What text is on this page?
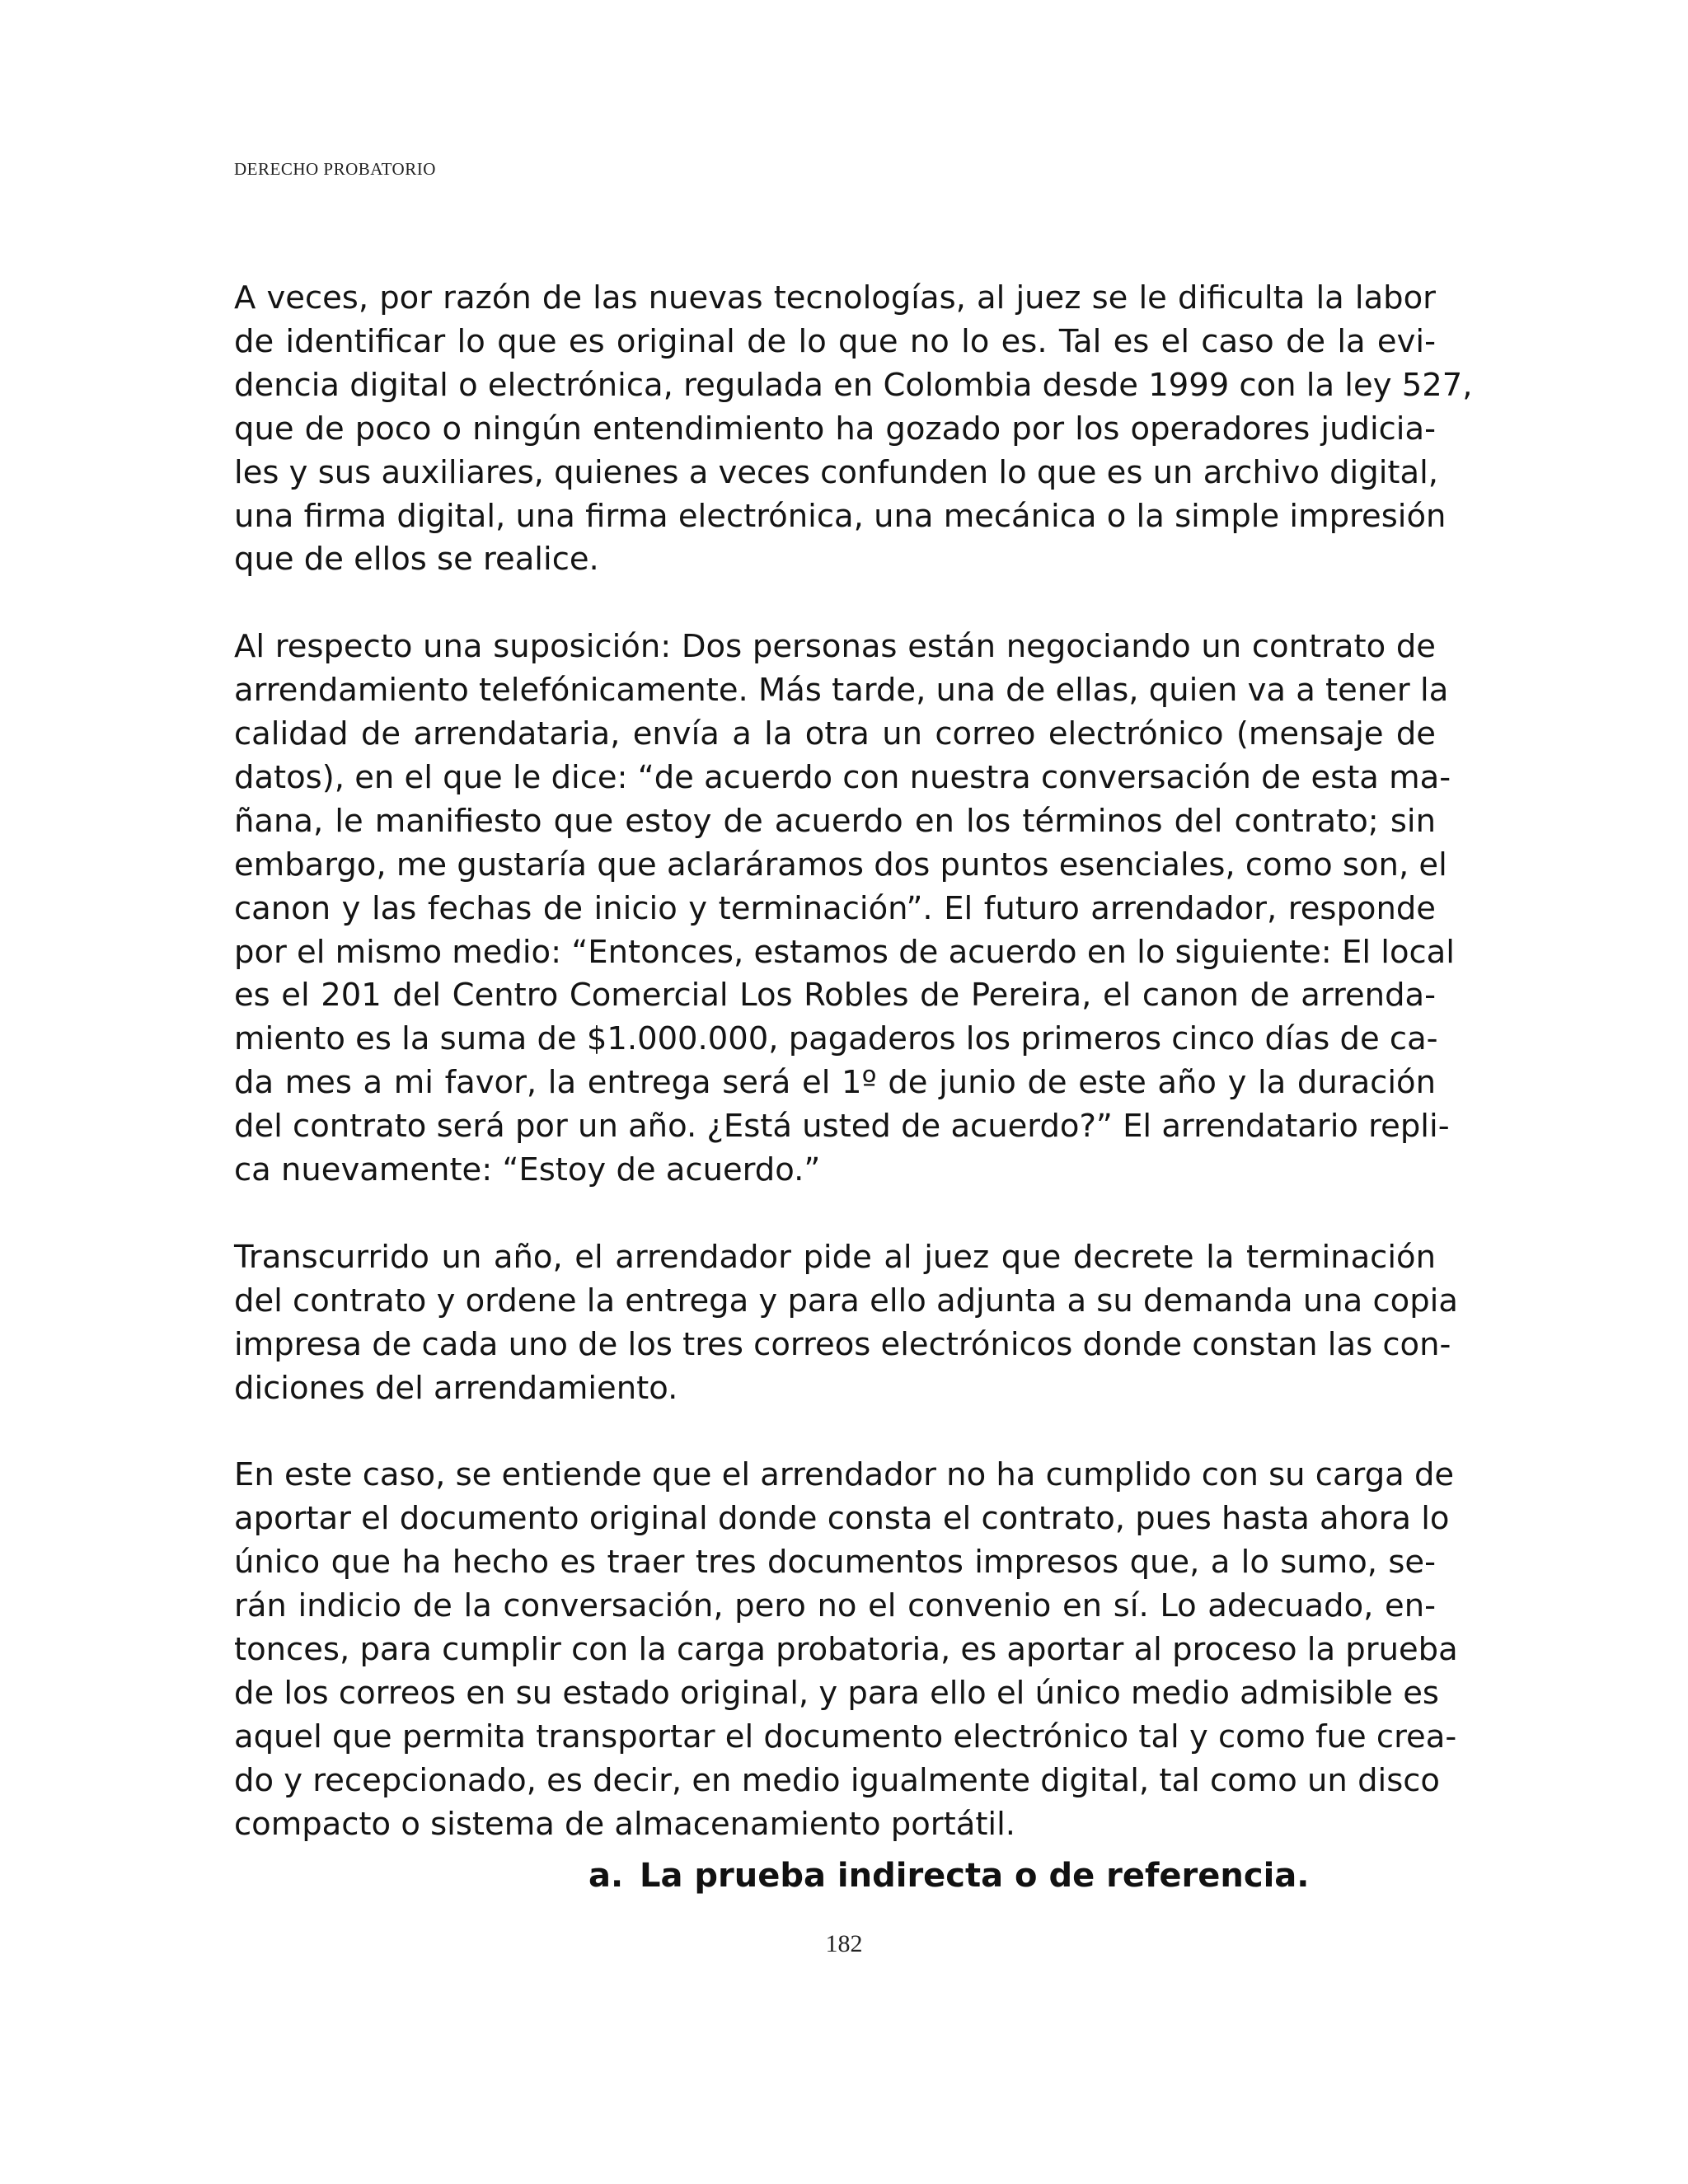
DERECHO PROBATORIO

A veces, por razón de las nuevas tecnologías, al juez se le dificulta la labor
de identificar lo que es original de lo que no lo es. Tal es el caso de la evi-
dencia digital o electrónica, regulada en Colombia desde 1999 con la ley 527,
que de poco o ningún entendimiento ha gozado por los operadores judicia-
les y sus auxiliares, quienes a veces confunden lo que es un archivo digital,
una firma digital, una firma electrónica, una mecánica o la simple impresión
que de ellos se realice.

Al respecto una suposición: Dos personas están negociando un contrato de
arrendamiento telefónicamente. Más tarde, una de ellas, quien va a tener la
calidad de arrendataria, envía a la otra un correo electrónico (mensaje de
datos), en el que le dice: “de acuerdo con nuestra conversación de esta ma-
ñana, le manifiesto que estoy de acuerdo en los términos del contrato; sin
embargo, me gustaría que aclaráramos dos puntos esenciales, como son, el
canon y las fechas de inicio y terminación”. El futuro arrendador, responde
por el mismo medio: “Entonces, estamos de acuerdo en lo siguiente: El local
es el 201 del Centro Comercial Los Robles de Pereira, el canon de arrenda-
miento es la suma de $1.000.000, pagaderos los primeros cinco días de ca-
da mes a mi favor, la entrega será el 1º de junio de este año y la duración
del contrato será por un año. ¿Está usted de acuerdo?” El arrendatario repli-
ca nuevamente: “Estoy de acuerdo.”

Transcurrido un año, el arrendador pide al juez que decrete la terminación
del contrato y ordene la entrega y para ello adjunta a su demanda una copia
impresa de cada uno de los tres correos electrónicos donde constan las con-
diciones del arrendamiento.

En este caso, se entiende que el arrendador no ha cumplido con su carga de
aportar el documento original donde consta el contrato, pues hasta ahora lo
único que ha hecho es traer tres documentos impresos que, a lo sumo, se-
rán indicio de la conversación, pero no el convenio en sí. Lo adecuado, en-
tonces, para cumplir con la carga probatoria, es aportar al proceso la prueba
de los correos en su estado original, y para ello el único medio admisible es
aquel que permita transportar el documento electrónico tal y como fue crea-
do y recepcionado, es decir, en medio igualmente digital, tal como un disco
compacto o sistema de almacenamiento portátil.

a. La prueba indirecta o de referencia.
182
